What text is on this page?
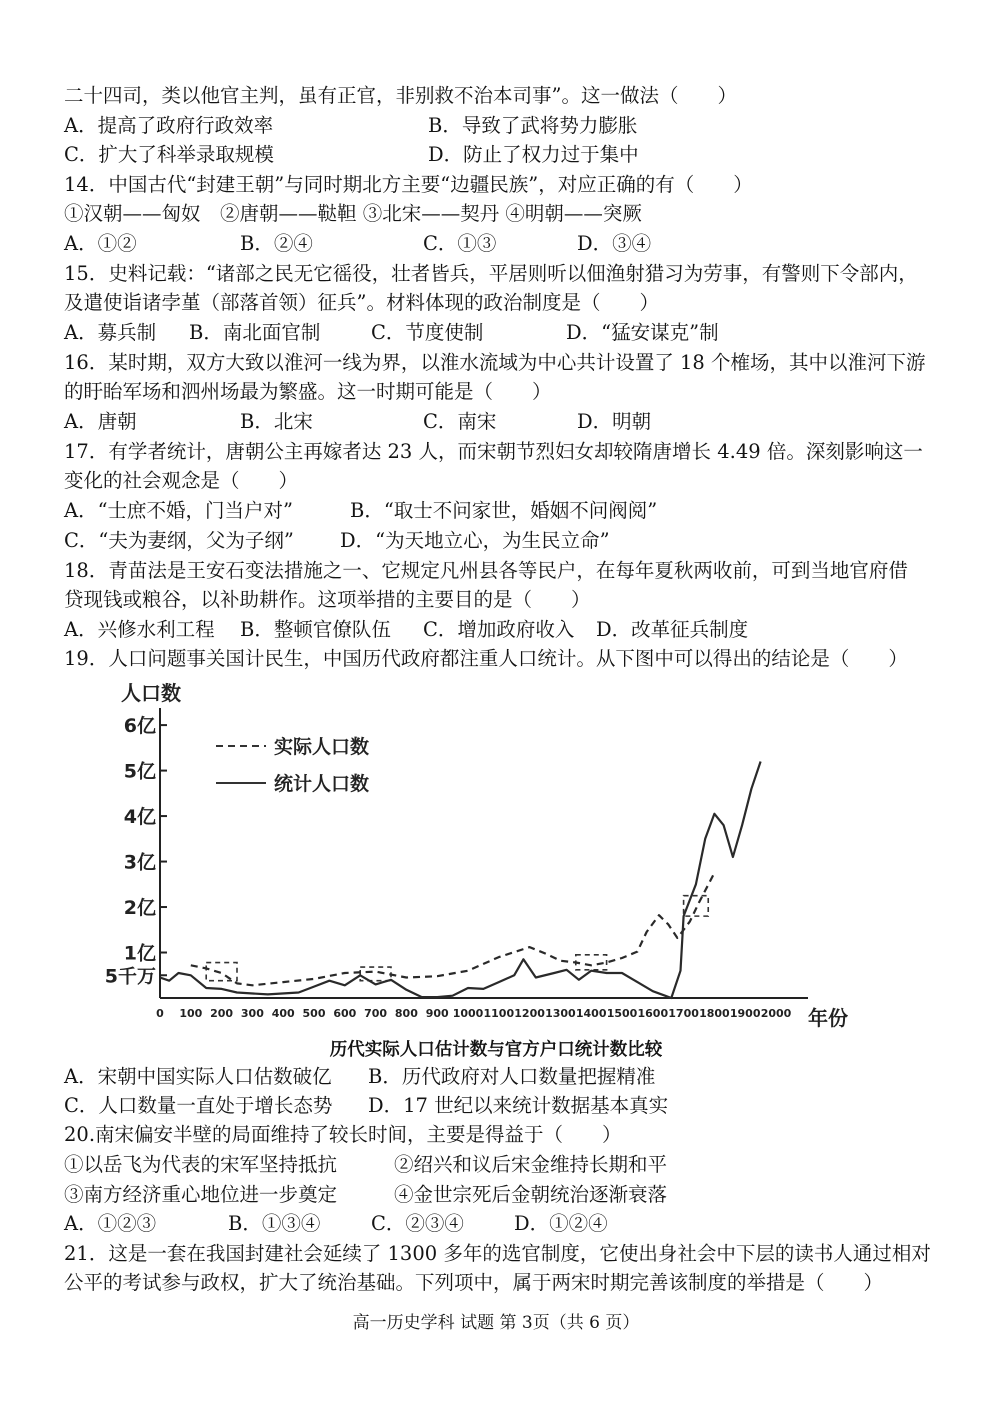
二十四司，类以他官主判，虽有正官，非别救不治本司事”。这一做法（　　）
A．提高了政府行政效率	B．导致了武将势力膨胀
C．扩大了科举录取规模	D．防止了权力过于集中
14．中国古代“封建王朝”与同时期北方主要“边疆民族”，对应正确的有（　　）
①汉朝——匈奴　②唐朝——鞑靼 ③北宋——契丹 ④明朝——突厥
A．①②	B．②④	C．①③	D．③④
15．史料记载：“诸部之民无它徭役，壮者皆兵，平居则听以佃渔射猎习为劳事，有警则下令部内，
及遣使诣诸孛堇（部落首领）征兵”。材料体现的政治制度是（　　）
A．募兵制 B．南北面官制	C．节度使制	D．“猛安谋克”制
16．某时期，双方大致以淮河一线为界，以淮水流域为中心共计设置了 18 个榷场，其中以淮河下游
的盱眙军场和泗州场最为繁盛。这一时期可能是（　　）
A．唐朝	B．北宋	C．南宋	D．明朝
17．有学者统计，唐朝公主再嫁者达 23 人，而宋朝节烈妇女却较隋唐增长 4.49 倍。深刻影响这一
变化的社会观念是（　　）
A．“士庶不婚，门当户对”	B．“取士不问家世，婚姻不问阀阅”
C．“夫为妻纲，父为子纲” D．“为天地立心，为生民立命”
18．青苗法是王安石变法措施之一、它规定凡州县各等民户，在每年夏秋两收前，可到当地官府借
贷现钱或粮谷，以补助耕作。这项举措的主要目的是（　　）
A．兴修水利工程 B．整顿官僚队伍 C．增加政府收入 D．改革征兵制度
19．人口问题事关国计民生，中国历代政府都注重人口统计。从下图中可以得出的结论是（　　）
5千万
1亿
2亿
3亿
4亿
5亿
6亿
0 100 200 300 400 500 600 700 800 900 1000 1100 1200 1300 1400 1500 1600 1700 1800 1900 2000
实际人口数
统计人口数
人口数
年份
历代实际人口估计数与官方户口统计数比较
A．宋朝中国实际人口估数破亿 B．历代政府对人口数量把握精准
C．人口数量一直处于增长态势 D．17 世纪以来统计数据基本真实
20.南宋偏安半壁的局面维持了较长时间，主要是得益于（　　）
①以岳飞为代表的宋军坚持抵抗	②绍兴和议后宋金维持长期和平
③南方经济重心地位进一步奠定	④金世宗死后金朝统治逐渐衰落
A．①②③	B．①③④	C．②③④	D．①②④
21．这是一套在我国封建社会延续了 1300 多年的选官制度，它使出身社会中下层的读书人通过相对
公平的考试参与政权，扩大了统治基础。下列项中，属于两宋时期完善该制度的举措是（　　）
高一历史学科 试题 第 3页（共 6 页）
